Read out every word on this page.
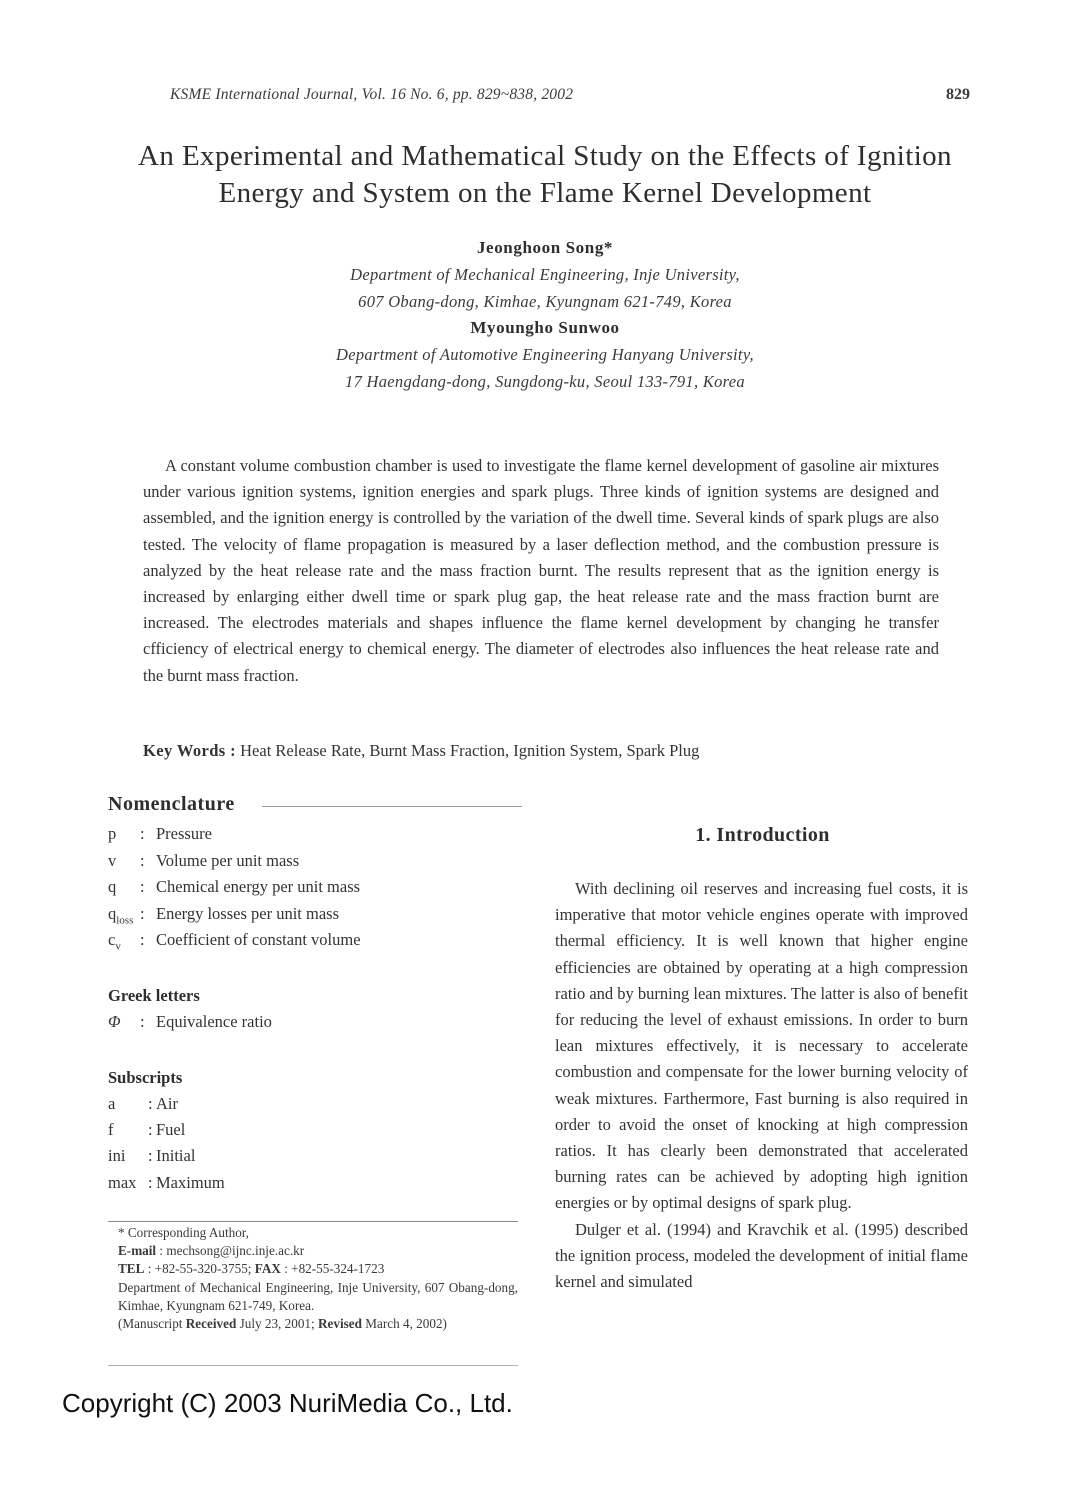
KSME International Journal, Vol. 16 No. 6, pp. 829~838, 2002	829
An Experimental and Mathematical Study on the Effects of Ignition
Energy and System on the Flame Kernel Development
Jeonghoon Song*
Department of Mechanical Engineering, Inje University,
607 Obang-dong, Kimhae, Kyungnam 621-749, Korea
Myoungho Sunwoo
Department of Automotive Engineering Hanyang University,
17 Haengdang-dong, Sungdong-ku, Seoul 133-791, Korea

A constant volume combustion chamber is used to investigate the flame kernel development of gasoline air mixtures under various ignition systems, ignition energies and spark plugs. Three kinds of ignition systems are designed and assembled, and the ignition energy is controlled by the variation of the dwell time. Several kinds of spark plugs are also tested. The velocity of flame propagation is measured by a laser deflection method, and the combustion pressure is analyzed by the heat release rate and the mass fraction burnt. The results represent that as the ignition energy is increased by enlarging either dwell time or spark plug gap, the heat release rate and the mass fraction burnt are increased. The electrodes materials and shapes influence the flame kernel development by changing he transfer cfficiency of electrical energy to chemical energy. The diameter of electrodes also influences the heat release rate and the burnt mass fraction.

Key Words : Heat Release Rate, Burnt Mass Fraction, Ignition System, Spark Plug
Nomenclature
p	: Pressure
v	: Volume per unit mass
q	: Chemical energy per unit mass
$q_{loss}$ : Energy losses per unit mass
$c_v$	: Coefficient of constant volume
Greek letters
Φ	: Equivalence ratio
Subscripts
a	: Air
f	: Fuel
ini	: Initial
max : Maximum
* Corresponding Author,
E-mail : mechsong@ijnc.inje.ac.kr
TEL : +82-55-320-3755; FAX : +82-55-324-1723
Department of Mechanical Engineering, Inje University, 607 Obang-dong, Kimhae, Kyungnam 621-749, Korea.
(Manuscript Received July 23, 2001; Revised March 4, 2002)
1. Introduction

With declining oil reserves and increasing fuel costs, it is imperative that motor vehicle engines operate with improved thermal efficiency. It is well known that higher engine efficiencies are obtained by operating at a high compression ratio and by burning lean mixtures. The latter is also of benefit for reducing the level of exhaust emissions. In order to burn lean mixtures effectively, it is necessary to accelerate combustion and compensate for the lower burning velocity of weak mixtures. Farthermore, Fast burning is also required in order to avoid the onset of knocking at high compression ratios. It has clearly been demonstrated that accelerated burning rates can be achieved by adopting high ignition energies or by optimal designs of spark plug.

Dulger et al. (1994) and Kravchik et al. (1995) described the ignition process, modeled the development of initial flame kernel and simulated

Copyright (C) 2003 NuriMedia Co., Ltd.
